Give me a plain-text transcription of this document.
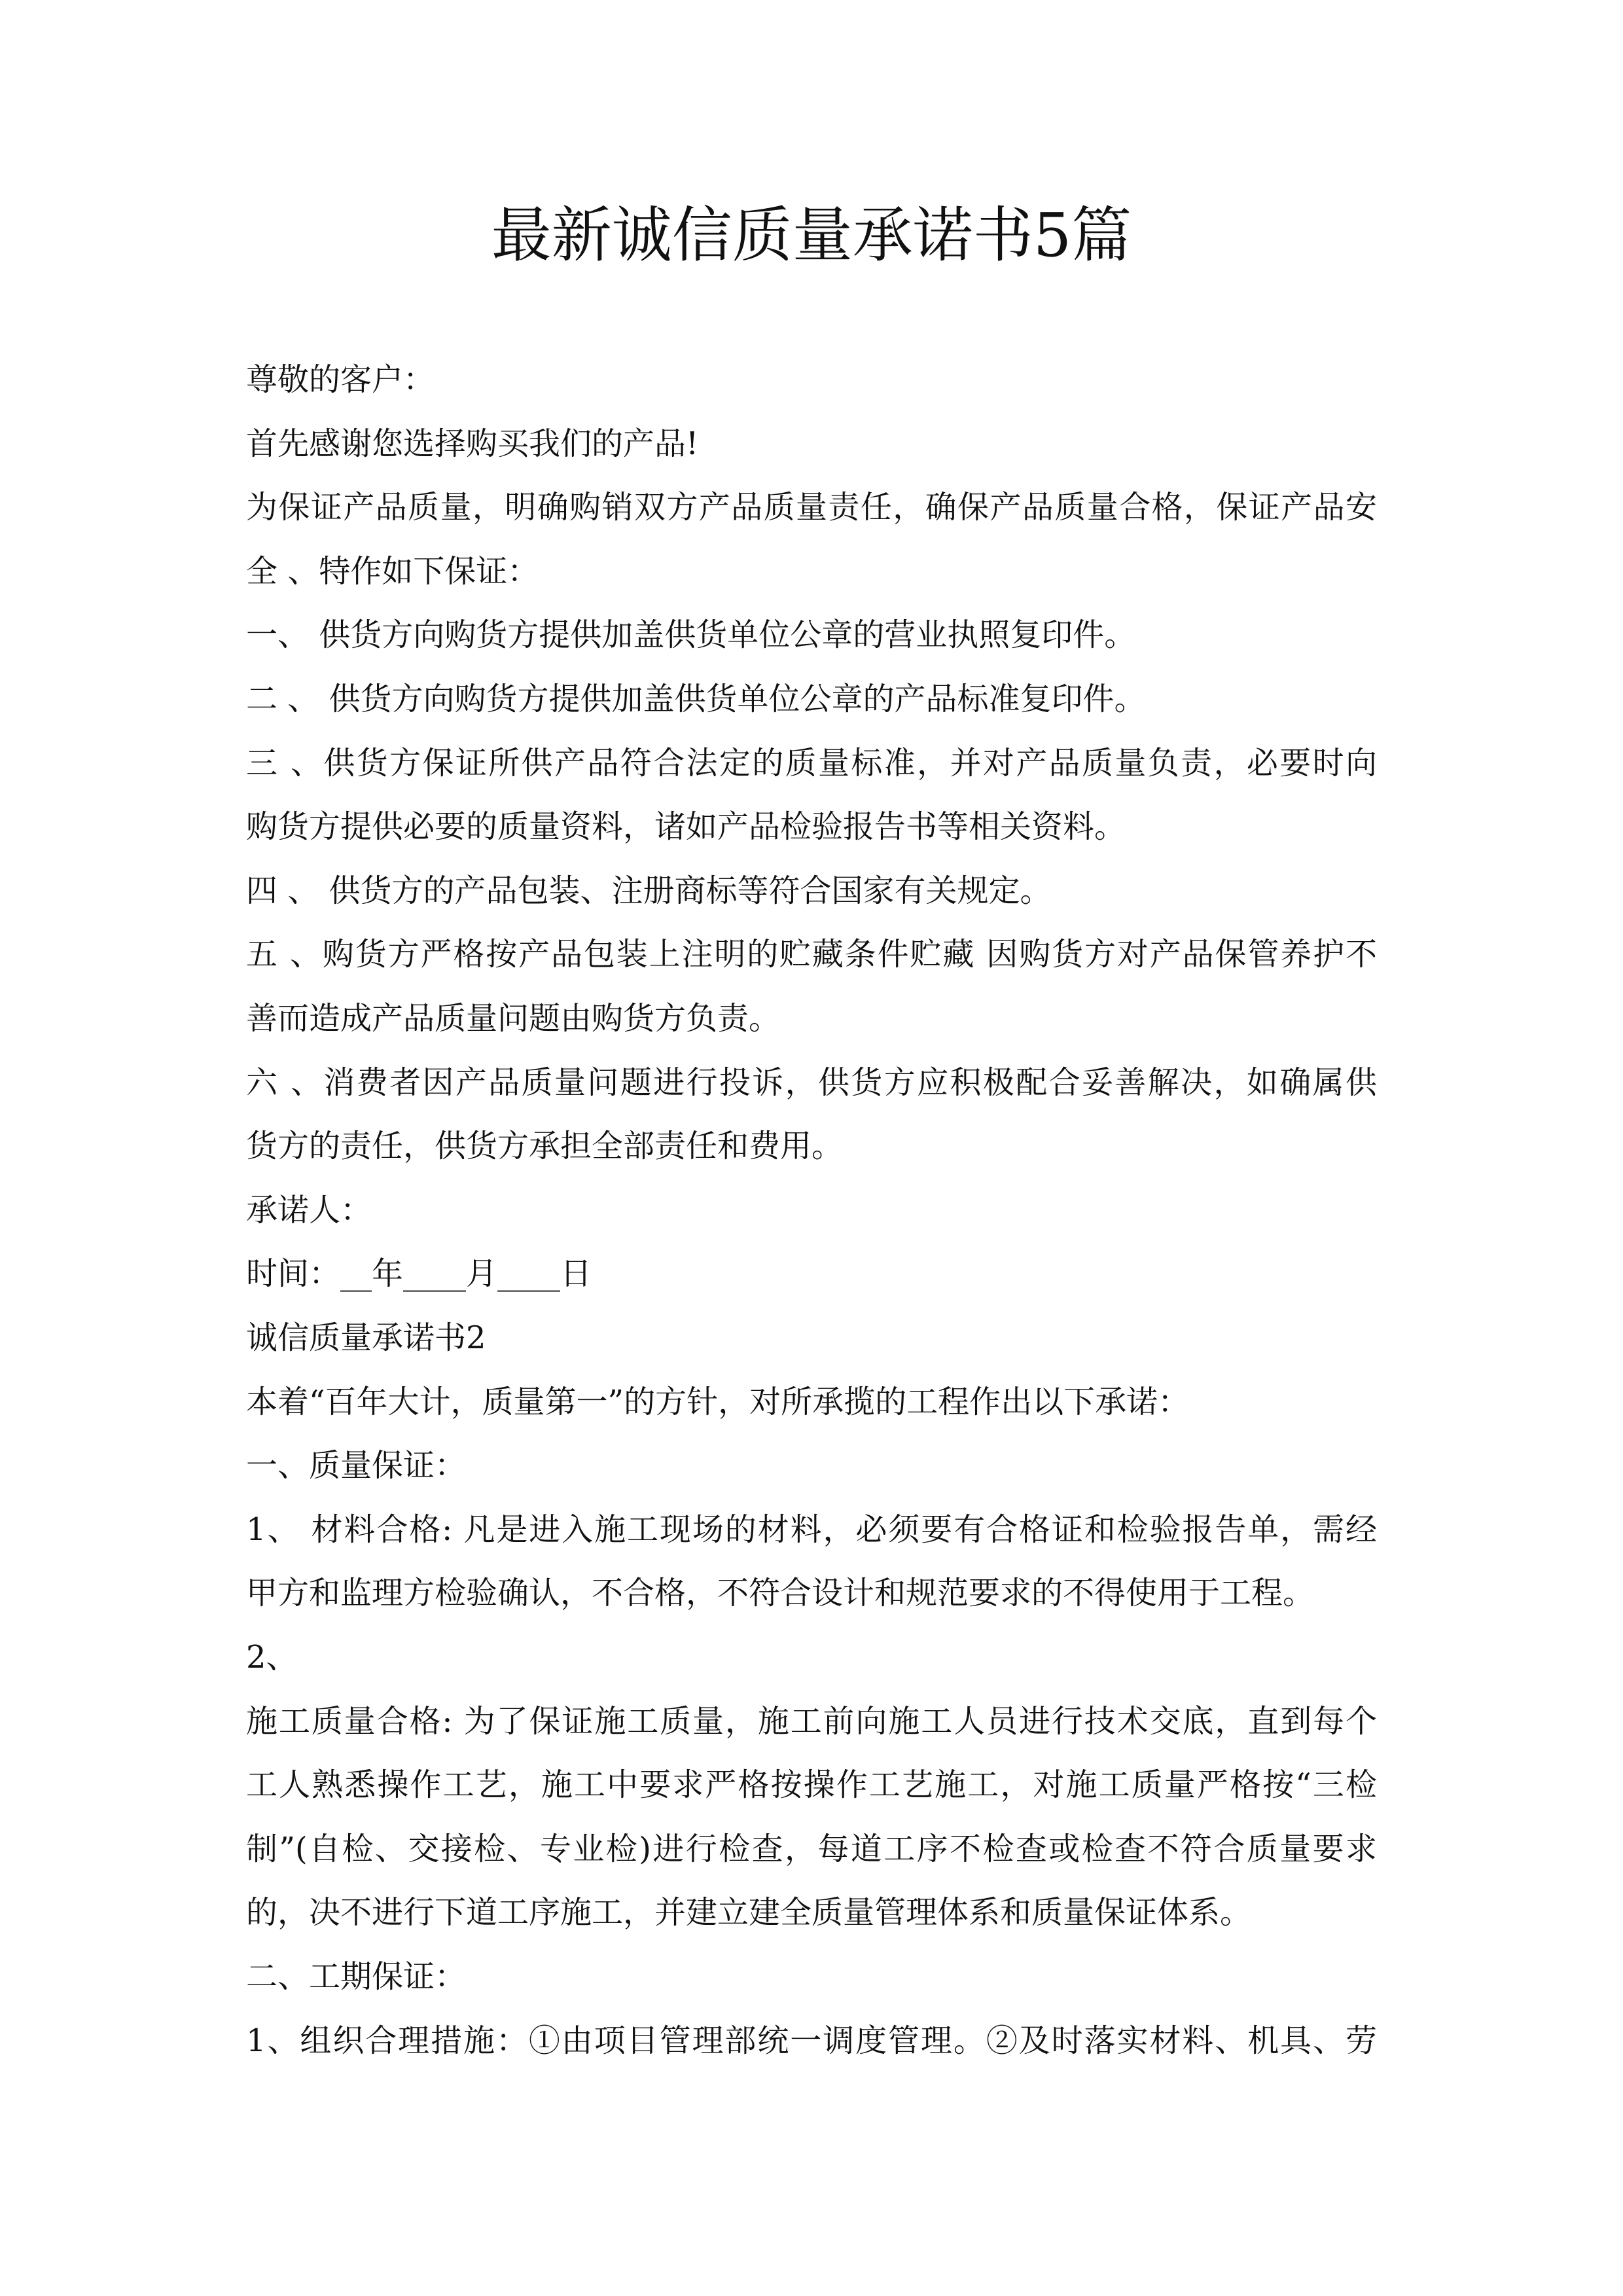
最新诚信质量承诺书5篇
尊敬的客户：
首先感谢您选择购买我们的产品!
为保证产品质量，明确购销双方产品质量责任，确保产品质量合格，保证产品安
全 、特作如下保证：
一、 供货方向购货方提供加盖供货单位公章的营业执照复印件。
二 、 供货方向购货方提供加盖供货单位公章的产品标准复印件。
三 、供货方保证所供产品符合法定的质量标准，并对产品质量负责，必要时向
购货方提供必要的质量资料，诸如产品检验报告书等相关资料。
四 、 供货方的产品包装、注册商标等符合国家有关规定。
五 、购货方严格按产品包装上注明的贮藏条件贮藏 因购货方对产品保管养护不
善而造成产品质量问题由购货方负责。
六 、消费者因产品质量问题进行投诉，供货方应积极配合妥善解决，如确属供
货方的责任，供货方承担全部责任和费用。
承诺人：
时间：__年____月____日
诚信质量承诺书2
本着“百年大计，质量第一”的方针，对所承揽的工程作出以下承诺：
一、质量保证：
1、 材料合格: 凡是进入施工现场的材料，必须要有合格证和检验报告单，需经
甲方和监理方检验确认，不合格，不符合设计和规范要求的不得使用于工程。
2、
施工质量合格: 为了保证施工质量，施工前向施工人员进行技术交底，直到每个
工人熟悉操作工艺，施工中要求严格按操作工艺施工，对施工质量严格按“三检
制”(自检、交接检、专业检)进行检查，每道工序不检查或检查不符合质量要求
的，决不进行下道工序施工，并建立建全质量管理体系和质量保证体系。
二、工期保证：
1、组织合理措施：①由项目管理部统一调度管理。②及时落实材料、机具、劳
